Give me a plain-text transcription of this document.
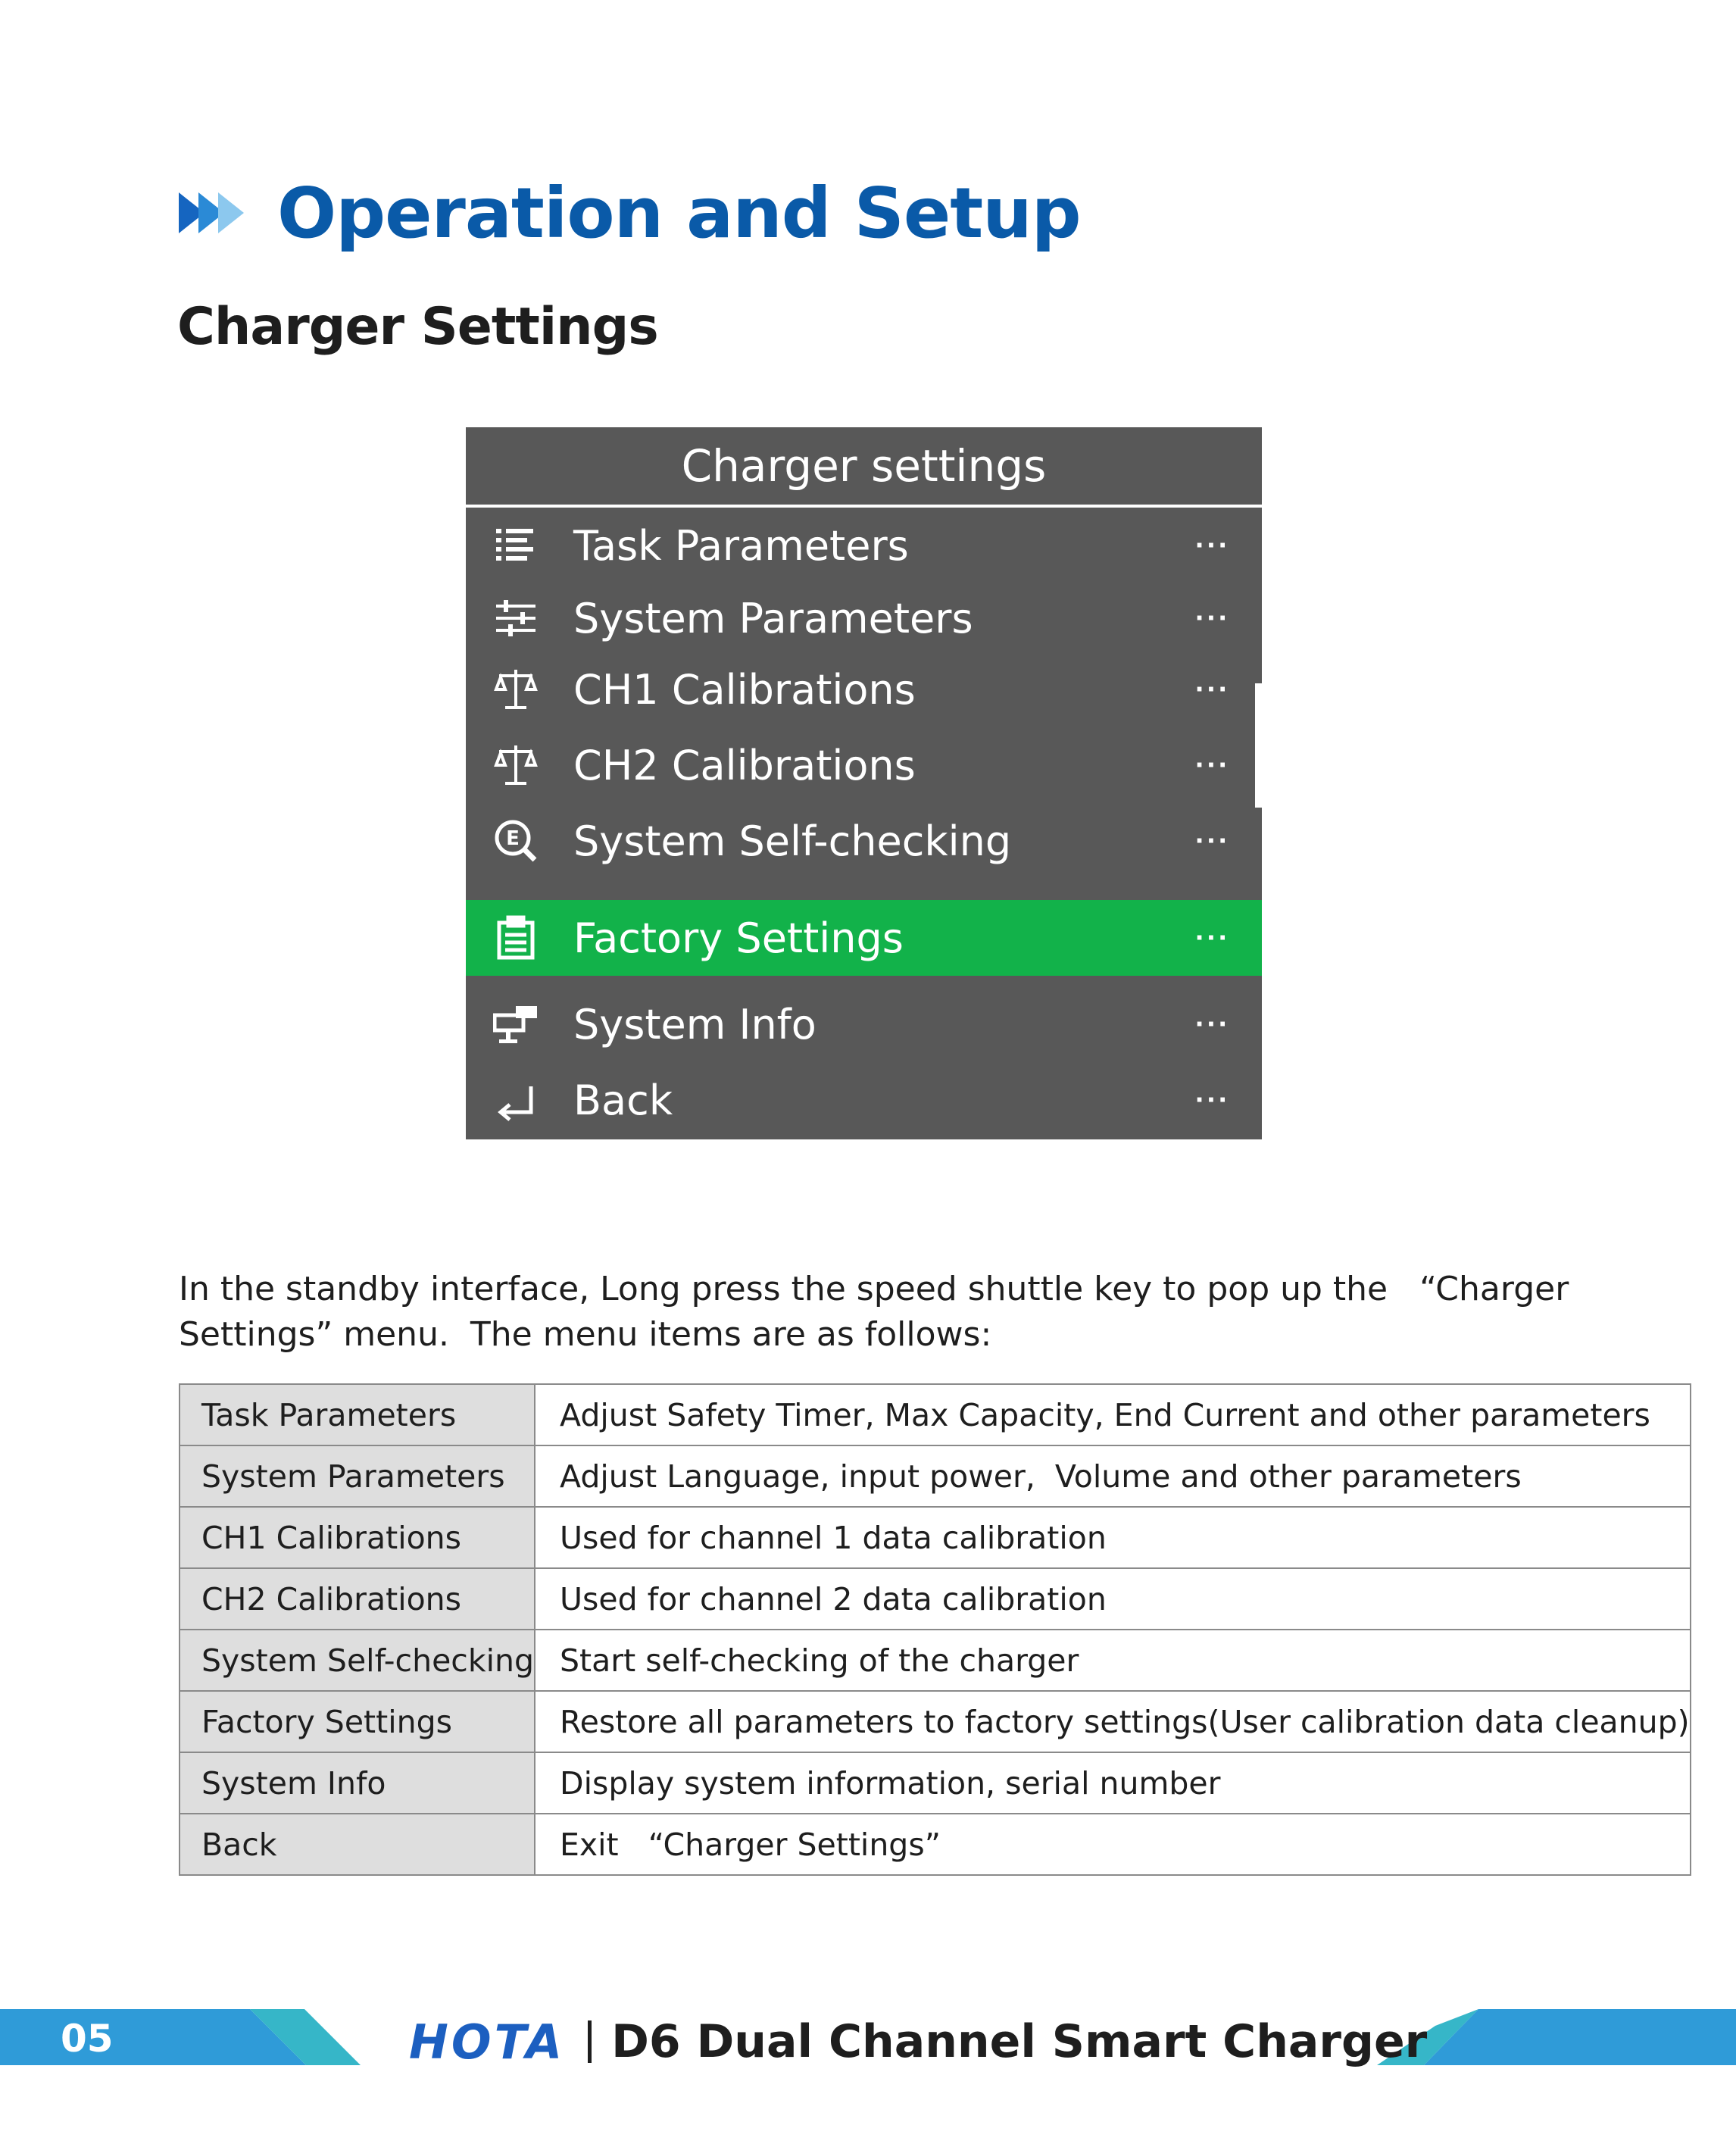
Operation and Setup
Charger Settings
Charger settings
Task Parameters	···
System Parameters	···
CH1 Calibrations	···
CH2 Calibrations	···
E System Self-checking	···
Factory Settings	···
System Info	···
Back	···
In the standby interface, Long press the speed shuttle key to pop up the   “Charger Settings” menu.  The menu items are as follows:
Task Parameters	Adjust Safety Timer, Max Capacity, End Current and other parameters
System Parameters	Adjust Language, input power,  Volume and other parameters
CH1 Calibrations	Used for channel 1 data calibration
CH2 Calibrations	Used for channel 2 data calibration
System Self-checking	Start self-checking of the charger
Factory Settings	Restore all parameters to factory settings(User calibration data cleanup)
System Info	Display system information, serial number
Back	Exit   “Charger Settings”
05	HOTA D6 Dual Channel Smart Charger
